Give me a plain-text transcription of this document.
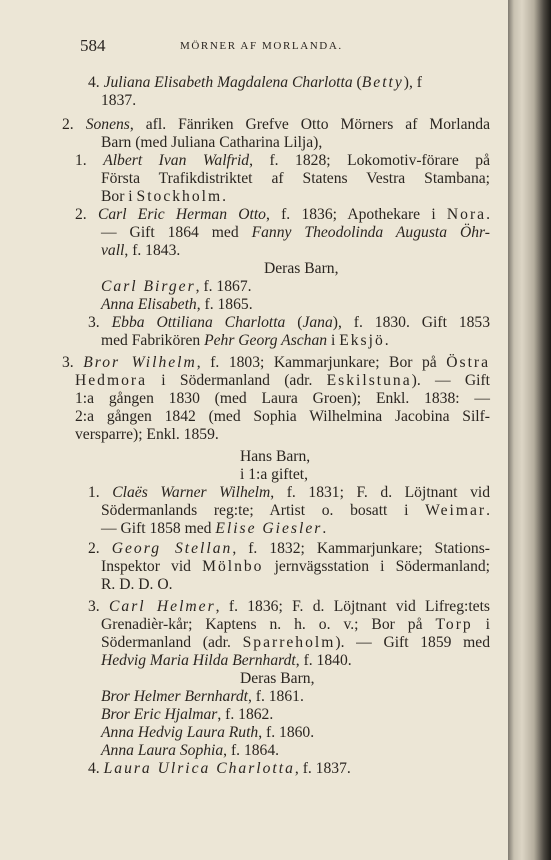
584	MÖRNER AF MORLANDA.
4. Juliana Elisabeth Magdalena Charlotta (Betty), f
1837.
2. Sonens, afl. Fänriken Grefve Otto Mörners af Morlanda
Barn (med Juliana Catharina Lilja),
1. Albert Ivan Walfrid, f. 1828; Lokomotiv-förare på
Första Trafikdistriktet af Statens Vestra Stambana;
Bor i Stockholm.
2. Carl Eric Herman Otto, f. 1836; Apothekare i Nora.
— Gift 1864 med Fanny Theodolinda Augusta Öhr-
vall, f. 1843.
Deras Barn,
Carl Birger, f. 1867.
Anna Elisabeth, f. 1865.
3. Ebba Ottiliana Charlotta (Jana), f. 1830. Gift 1853
med Fabrikören Pehr Georg Aschan i Eksjö.
3. Bror Wilhelm, f. 1803; Kammarjunkare; Bor på Östra
Hedmora i Södermanland (adr. Eskilstuna). — Gift
1:a gången 1830 (med Laura Groen); Enkl. 1838: —
2:a gången 1842 (med Sophia Wilhelmina Jacobina Silf-
versparre); Enkl. 1859.
Hans Barn,
i 1:a giftet,
1. Claës Warner Wilhelm, f. 1831; F. d. Löjtnant vid
Södermanlands reg:te; Artist o. bosatt i Weimar.
— Gift 1858 med Elise Giesler.
2. Georg Stellan, f. 1832; Kammarjunkare; Stations-
Inspektor vid Mölnbo jernvägsstation i Södermanland;
R. D. D. O.
3. Carl Helmer, f. 1836; F. d. Löjtnant vid Lifreg:tets
Grenadièr-kår; Kaptens n. h. o. v.; Bor på Torp i
Södermanland (adr. Sparreholm). — Gift 1859 med
Hedvig Maria Hilda Bernhardt, f. 1840.
Deras Barn,
Bror Helmer Bernhardt, f. 1861.
Bror Eric Hjalmar, f. 1862.
Anna Hedvig Laura Ruth, f. 1860.
Anna Laura Sophia, f. 1864.
4. Laura Ulrica Charlotta, f. 1837.
